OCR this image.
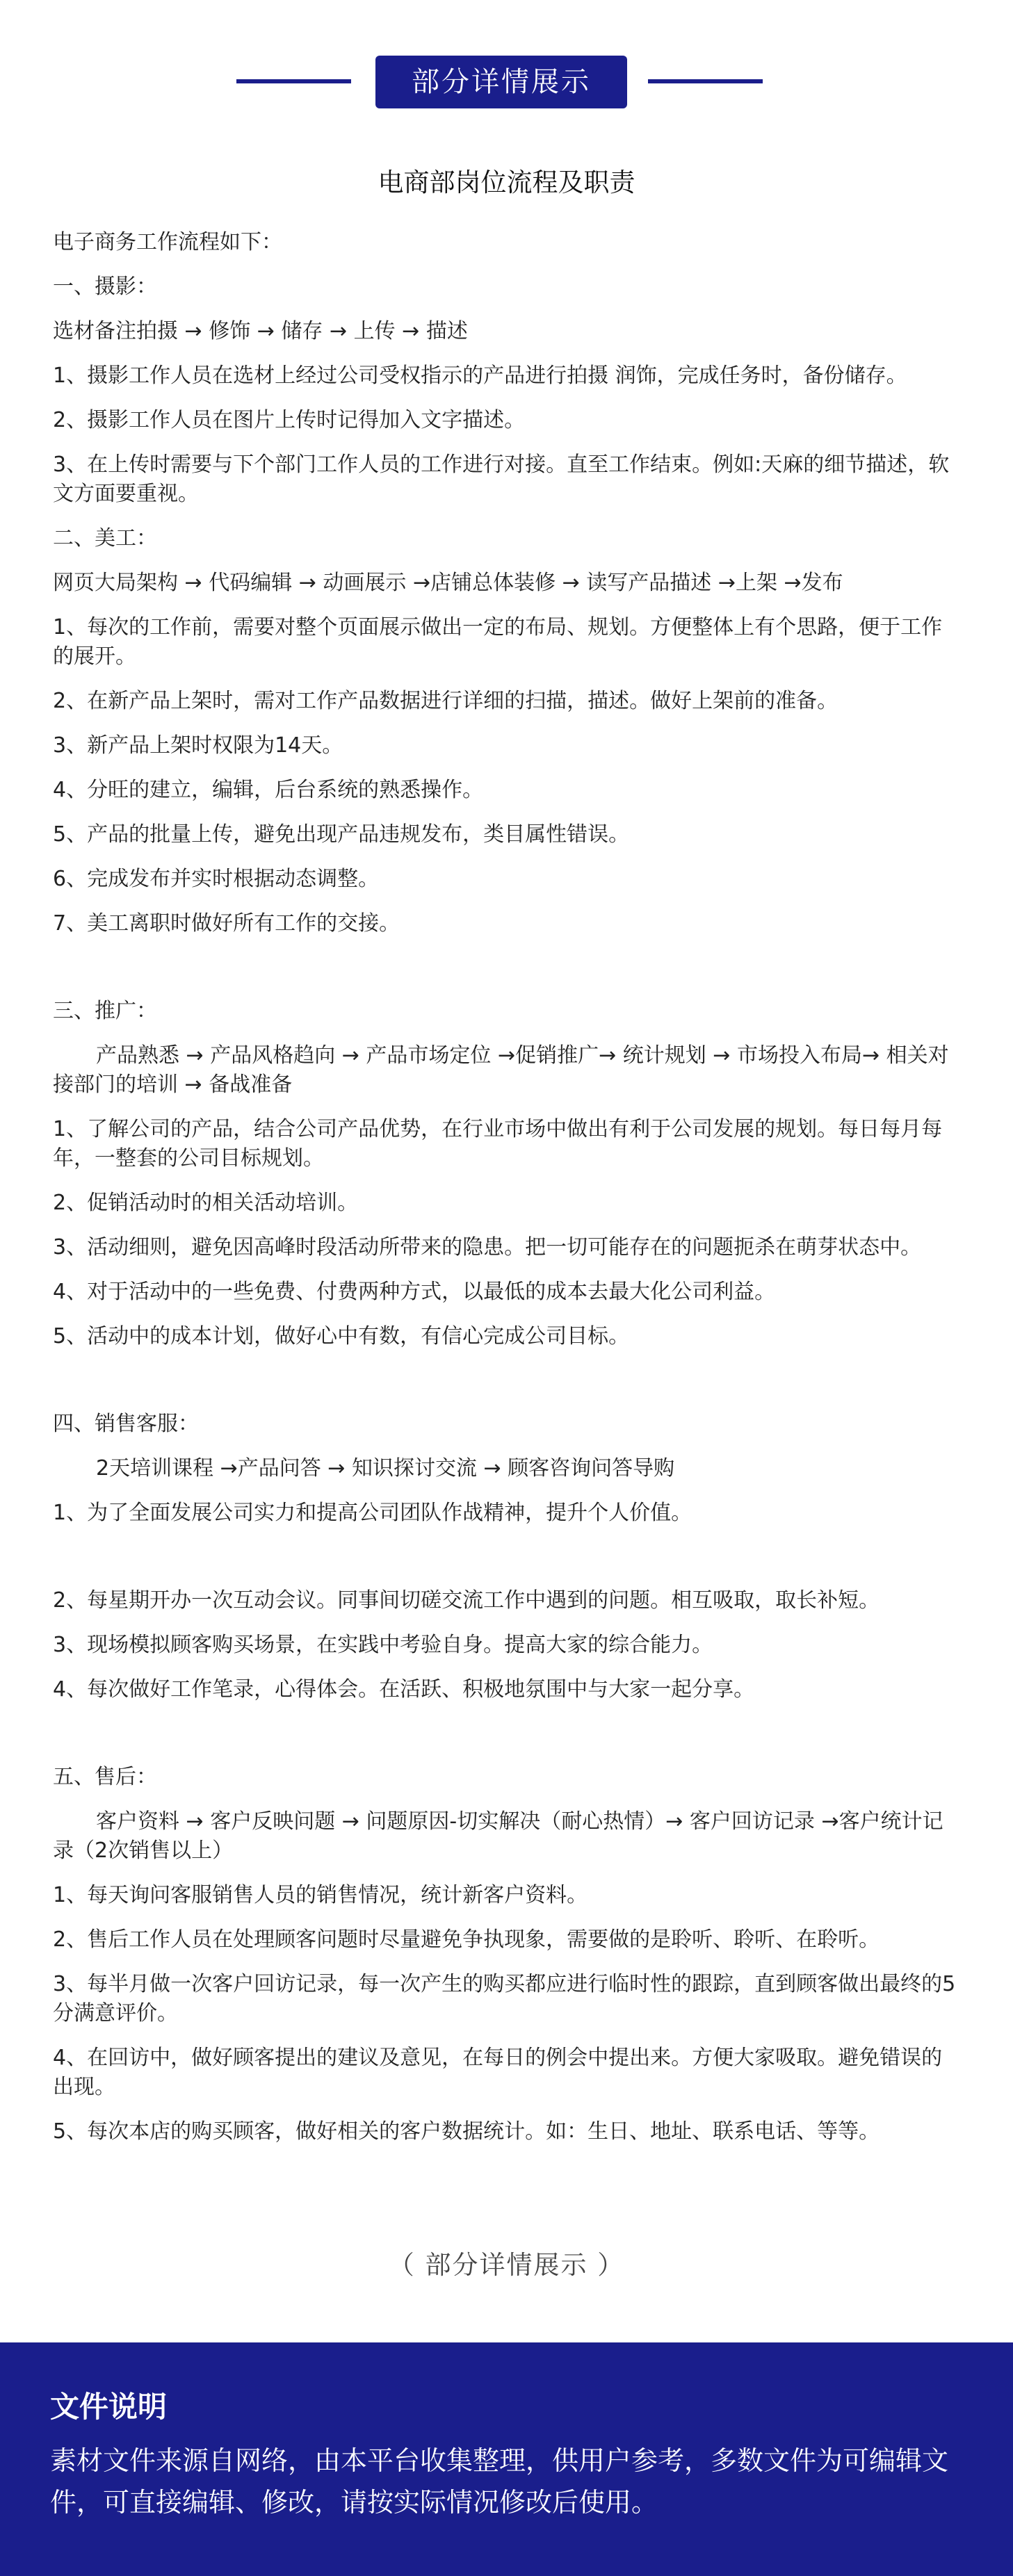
部分详情展示
电商部岗位流程及职责
电子商务工作流程如下：
一、摄影：
选材备注拍摄 → 修饰 → 储存 → 上传 → 描述
1、摄影工作人员在选材上经过公司受权指示的产品进行拍摄 润饰，完成任务时，备份储存。
2、摄影工作人员在图片上传时记得加入文字描述。
3、在上传时需要与下个部门工作人员的工作进行对接。直至工作结束。例如:天麻的细节描述，软文方面要重视。
二、美工：
网页大局架构 → 代码编辑 → 动画展示 →店铺总体装修 → 读写产品描述 →上架 →发布
1、每次的工作前，需要对整个页面展示做出一定的布局、规划。方便整体上有个思路，便于工作的展开。
2、在新产品上架时，需对工作产品数据进行详细的扫描，描述。做好上架前的准备。
3、新产品上架时权限为14天。
4、分旺的建立，编辑，后台系统的熟悉操作。
5、产品的批量上传，避免出现产品违规发布，类目属性错误。
6、完成发布并实时根据动态调整。
7、美工离职时做好所有工作的交接。
三、推广：
产品熟悉 → 产品风格趋向 → 产品市场定位 →促销推广→ 统计规划 → 市场投入布局→ 相关对接部门的培训 → 备战准备
1、了解公司的产品，结合公司产品优势，在行业市场中做出有利于公司发展的规划。每日每月每年，一整套的公司目标规划。
2、促销活动时的相关活动培训。
3、活动细则，避免因高峰时段活动所带来的隐患。把一切可能存在的问题扼杀在萌芽状态中。
4、对于活动中的一些免费、付费两种方式，以最低的成本去最大化公司利益。
5、活动中的成本计划，做好心中有数，有信心完成公司目标。
四、销售客服：
2天培训课程 →产品问答 → 知识探讨交流 → 顾客咨询问答导购
1、为了全面发展公司实力和提高公司团队作战精神，提升个人价值。
2、每星期开办一次互动会议。同事间切磋交流工作中遇到的问题。相互吸取，取长补短。
3、现场模拟顾客购买场景，在实践中考验自身。提高大家的综合能力。
4、每次做好工作笔录，心得体会。在活跃、积极地氛围中与大家一起分享。
五、售后：
客户资料 → 客户反映问题 → 问题原因-切实解决（耐心热情）→ 客户回访记录 →客户统计记录（2次销售以上）
1、每天询问客服销售人员的销售情况，统计新客户资料。
2、售后工作人员在处理顾客问题时尽量避免争执现象，需要做的是聆听、聆听、在聆听。
3、每半月做一次客户回访记录，每一次产生的购买都应进行临时性的跟踪，直到顾客做出最终的5分满意评价。
4、在回访中，做好顾客提出的建议及意见，在每日的例会中提出来。方便大家吸取。避免错误的出现。
5、每次本店的购买顾客，做好相关的客户数据统计。如：生日、地址、联系电话、等等。
（ 部分详情展示 ）
文件说明
素材文件来源自网络，由本平台收集整理，供用户参考，多数文件为可编辑文件，可直接编辑、修改，请按实际情况修改后使用。
